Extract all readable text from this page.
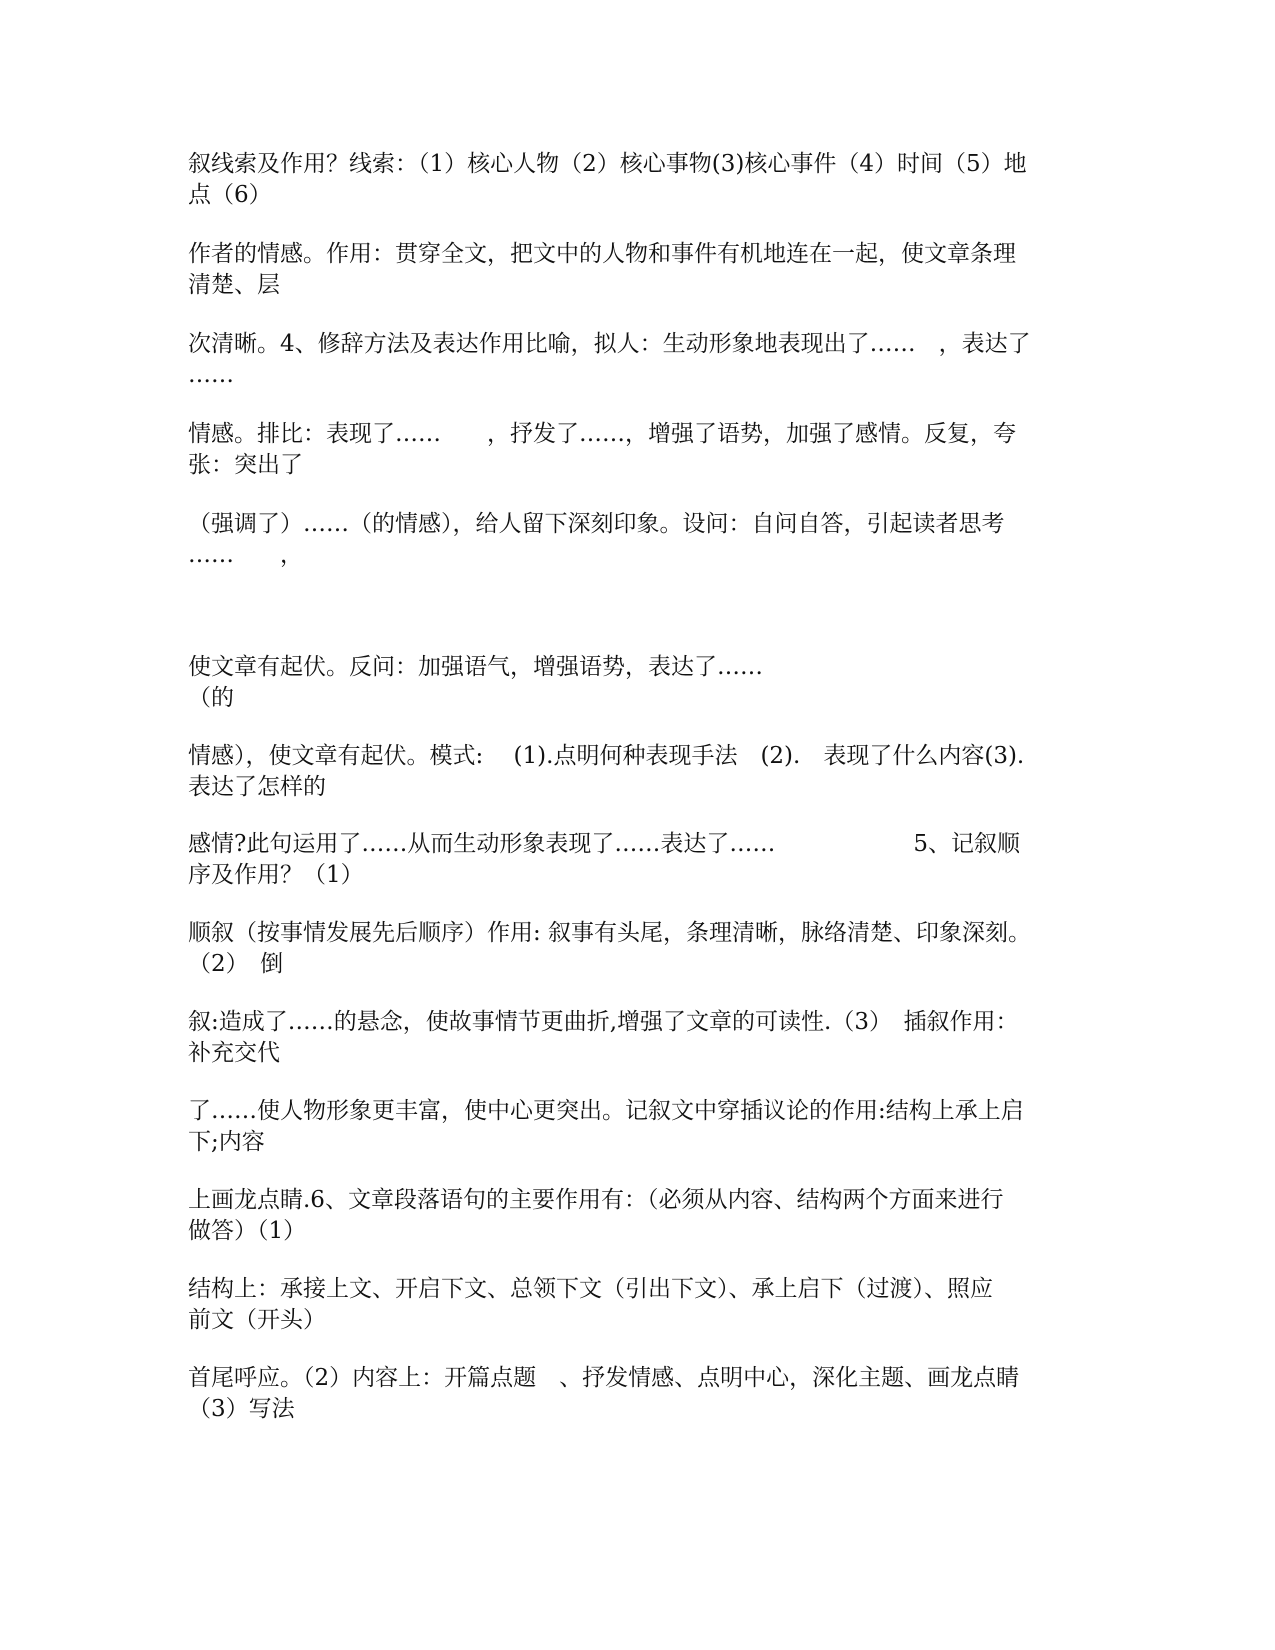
叙线索及作用？线索：（1）核心人物（2）核心事物(3)核心事件（4）时间（5）地
点（6）

作者的情感。作用：贯穿全文，把文中的人物和事件有机地连在一起，使文章条理
清楚、层

次清晰。4、修辞方法及表达作用比喻，拟人：生动形象地表现出了……　，表达了
……

情感。排比：表现了……　　，抒发了……，增强了语势，加强了感情。反复，夸
张：突出了

（强调了）……（的情感），给人留下深刻印象。设问：自问自答，引起读者思考
……　　，

使文章有起伏。反问：加强语气，增强语势，表达了……
（的

情感），使文章有起伏。模式: 　(1).点明何种表现手法　(2).　表现了什么内容(3).
表达了怎样的

感情?此句运用了……从而生动形象表现了……表达了……　　　　　　5、记叙顺
序及作用？（1）

顺叙（按事情发展先后顺序）作用: 叙事有头尾，条理清晰，脉络清楚、印象深刻。
（2）　倒

叙:造成了……的悬念，使故事情节更曲折,增强了文章的可读性.（3）　插叙作用：
补充交代

了……使人物形象更丰富，使中心更突出。记叙文中穿插议论的作用:结构上承上启
下;内容

上画龙点睛.6、文章段落语句的主要作用有：（必须从内容、结构两个方面来进行
做答）（1）

结构上：承接上文、开启下文、总领下文（引出下文）、承上启下（过渡）、照应
前文（开头）

首尾呼应。（2）内容上：开篇点题　、抒发情感、点明中心，深化主题、画龙点睛
（3）写法
